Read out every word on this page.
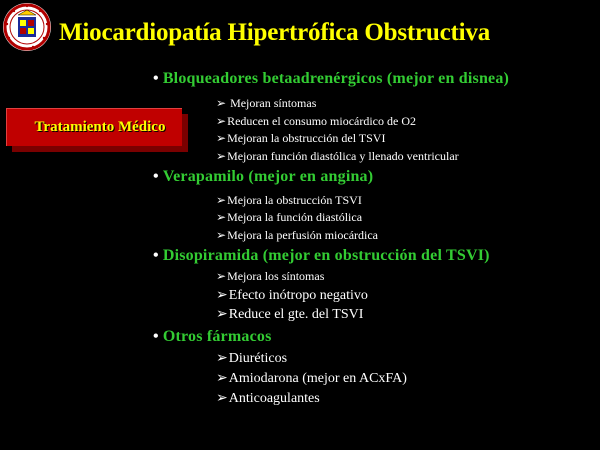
Miocardiopatía Hipertrófica Obstructiva
Tratamiento Médico
• Bloqueadores betaadrenérgicos (mejor en disnea)
➢ Mejoran síntomas
➢Reducen el consumo miocárdico de O2
➢Mejoran la obstrucción del TSVI
➢Mejoran función diastólica y llenado ventricular
• Verapamilo (mejor en angina)
➢Mejora la obstrucción TSVI
➢Mejora la función diastólica
➢Mejora la perfusión miocárdica
• Disopiramida (mejor en obstrucción del TSVI)
➢Mejora los síntomas
➢Efecto inótropo negativo
➢Reduce el gte. del TSVI
• Otros fármacos
➢Diuréticos
➢Amiodarona (mejor en ACxFA)
➢Anticoagulantes
